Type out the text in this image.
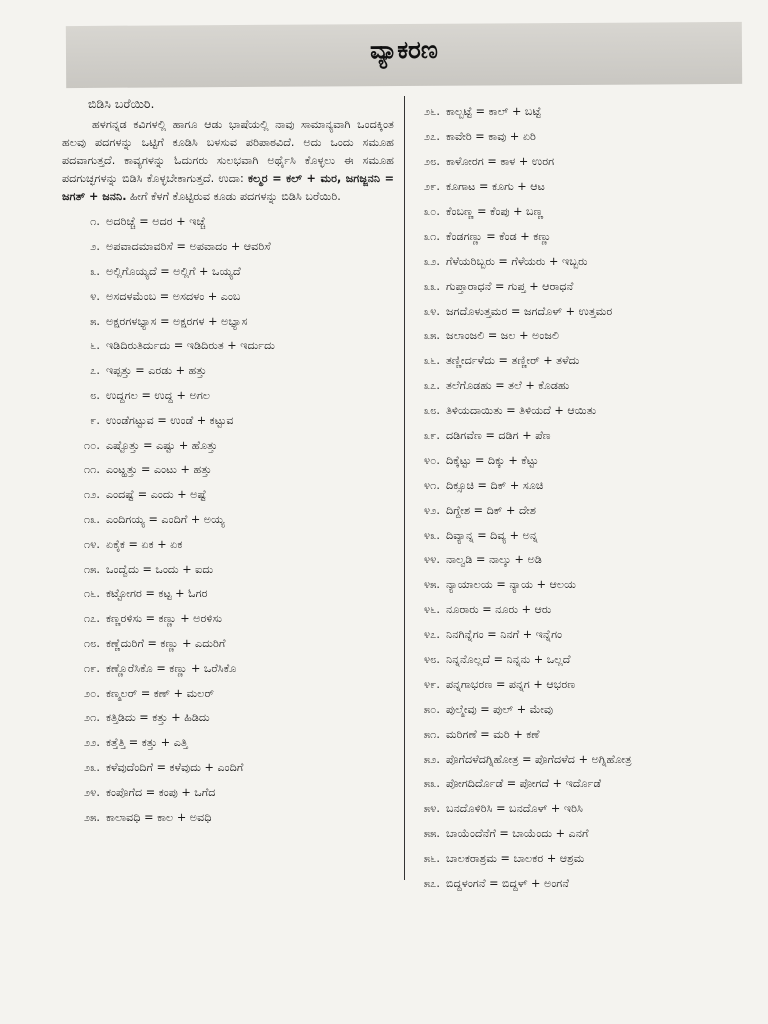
ವ್ಯಾಕರಣ
ಬಿಡಿಸಿ ಬರೆಯಿರಿ.

ಹಳಗನ್ನಡ ಕವಿಗಳಲ್ಲಿ ಹಾಗೂ ಆಡು ಭಾಷೆಯಲ್ಲಿ ನಾವು ಸಾಮಾನ್ಯವಾಗಿ ಒಂದಕ್ಕಿಂತ ಹಲವು ಪದಗಳನ್ನು ಒಟ್ಟಿಗೆ ಕೂಡಿಸಿ ಬಳಸುವ ಪರಿಪಾಠವಿದೆ. ಅದು ಒಂದು ಸಮೂಹ ಪದವಾಗುತ್ತದೆ. ಕಾವ್ಯಗಳನ್ನು ಓದುಗರು ಸುಲಭವಾಗಿ ಅರ್ಥೈಸಿ ಕೊಳ್ಳಲು ಈ ಸಮೂಹ ಪದಗುಚ್ಛಗಳನ್ನು ಬಿಡಿಸಿ ಕೊಳ್ಳಬೇಕಾಗುತ್ತದೆ. ಉದಾ: ಕಲ್ಮರ = ಕಲ್ + ಮರ, ಜಗಜ್ಜನನಿ = ಜಗತ್ + ಜನನಿ. ಹೀಗೆ ಕೆಳಗೆ ಕೊಟ್ಟಿರುವ ಕೂಡು ಪದಗಳನ್ನು ಬಿಡಿಸಿ ಬರೆಯಿರಿ.

೧. ಅದರಿಚ್ಚೆ = ಅದರ + ಇಚ್ಚೆ
೨. ಅಪವಾದಮಾವರಿಸೆ = ಅಪವಾದಂ + ಆವರಿಸೆ
೩. ಅಲ್ಲಿಗೊಯ್ಯದೆ = ಅಲ್ಲಿಗೆ + ಒಯ್ಯದೆ
೪. ಅಸದಳಮೆಂಬ = ಅಸದಳಂ + ಎಂಬ
೫. ಅಕ್ಷರಗಳಭ್ಯಾಸ = ಅಕ್ಷರಗಳ + ಅಭ್ಯಾಸ
೬. ಇಡಿದಿರುತಿರ್ದುದು = ಇಡಿದಿರುತ + ಇರ್ದುದು
೭. ಇಪ್ಪತ್ತು = ಎರಡು + ಹತ್ತು
೮. ಉದ್ದಗಲ = ಉದ್ದ + ಅಗಲ
೯. ಉಂಡೆಗಟ್ಟುವ = ಉಂಡೆ + ಕಟ್ಟುವ
೧೦. ಎಷ್ಟೊತ್ತು = ಎಷ್ಟು + ಹೊತ್ತು
೧೧. ಎಂಟ್ಹತ್ತು = ಎಂಟು + ಹತ್ತು
೧೨. ಎಂದಷ್ಟೆ = ಎಂದು + ಅಷ್ಟೆ
೧೩. ಎಂದಿಗಯ್ಯ = ಎಂದಿಗೆ + ಅಯ್ಯ
೧೪. ಏಕೈಕ = ಏಕ + ಏಕ
೧೫. ಒಂದ್ವೆದು = ಒಂದು + ಐದು
೧೬. ಕಟ್ಟೋಗರ = ಕಟ್ಟ + ಓಗರ
೧೭. ಕಣ್ಣರಳಿಸು = ಕಣ್ಣು + ಅರಳಿಸು
೧೮. ಕಣ್ಣೆದುರಿಗೆ = ಕಣ್ಣು + ಎದುರಿಗೆ
೧೯. ಕಣ್ಣೊರೆಸಿಕೊ = ಕಣ್ಣು + ಒರೆಸಿಕೊ
೨೦. ಕಣ್ಮಲರ್ = ಕಣ್ + ಮಲರ್
೨೧. ಕತ್ತಿಡಿದು = ಕತ್ತು + ಹಿಡಿದು
೨೨. ಕತ್ತೆತ್ತಿ = ಕತ್ತು + ಎತ್ತಿ
೨೩. ಕಳೆವುದೆಂದಿಗೆ = ಕಳೆವುದು + ಎಂದಿಗೆ
೨೪. ಕಂಪೊಗೆದ = ಕಂಪು + ಒಗೆದ
೨೫. ಕಾಲಾವಧಿ = ಕಾಲ + ಅವಧಿ
೨೬. ಕಾಲ್ಬಟ್ಟೆ = ಕಾಲ್ + ಬಟ್ಟೆ
೨೭. ಕಾವೇರಿ = ಕಾವು + ಏರಿ
೨೮. ಕಾಳೋರಗ = ಕಾಳ + ಉರಗ
೨೯. ಕೂಗಾಟ = ಕೂಗು + ಆಟ
೩೦. ಕೆಂಬಣ್ಣ = ಕೆಂಪು + ಬಣ್ಣ
೩೧. ಕೆಂಡಗಣ್ಣು = ಕೆಂಡ + ಕಣ್ಣು
೩೨. ಗೆಳೆಯರಿಬ್ಬರು = ಗೆಳೆಯರು + ಇಬ್ಬರು
೩೩. ಗುಪ್ತಾರಾಧನೆ = ಗುಪ್ತ + ಆರಾಧನೆ
೩೪. ಜಗದೊಳುತ್ತಮರ = ಜಗದೊಳ್ + ಉತ್ತಮರ
೩೫. ಜಲಾಂಜಲಿ = ಜಲ + ಅಂಜಲಿ
೩೬. ತಣ್ಣೀರ್ದಳೆದು = ತಣ್ಣೀರ್ + ತಳೆದು
೩೭. ತಲೆಗೊಡಹು = ತಲೆ + ಕೊಡಹು
೩೮. ತಿಳಿಯದಾಯಿತು = ತಿಳಿಯದೆ + ಆಯಿತು
೩೯. ದಡಿಗವೆಣ = ದಡಿಗ + ಪೆಣ
೪೦. ದಿಕ್ಕೆಟ್ಟು = ದಿಕ್ಕು + ಕೆಟ್ಟು
೪೧. ದಿಕ್ಸೂಚಿ = ದಿಕ್ + ಸೂಚಿ
೪೨. ದಿಗ್ದೇಶ = ದಿಕ್ + ದೇಶ
೪೩. ದಿವ್ಯಾನ್ನ = ದಿವ್ಯ + ಅನ್ನ
೪೪. ನಾಲ್ವಡಿ = ನಾಲ್ಕು + ಅಡಿ
೪೫. ನ್ಯಾಯಾಲಯ = ನ್ಯಾಯ + ಆಲಯ
೪೬. ನೂರಾರು = ನೂರು + ಆರು
೪೭. ನಿನಗಿನ್ನೆಗಂ = ನಿನಗೆ + ಇನ್ನೆಗಂ
೪೮. ನಿನ್ನನೊಲ್ಲದೆ = ನಿನ್ನನು + ಒಲ್ಲದೆ
೪೯. ಪನ್ನಗಾಭರಣ = ಪನ್ನಗ + ಆಭರಣ
೫೦. ಪುಲ್ಮೇವು = ಪುಲ್ + ಮೇವು
೫೧. ಮರಿಗಣೆ = ಮರಿ + ಕಣೆ
೫೨. ಪೊಗೆದಳೆದಗ್ನಿಹೋತ್ರ = ಪೊಗೆದಳೆದ + ಅಗ್ನಿಹೋತ್ರ
೫೩. ಪೋಗದಿರ್ದೊಡೆ = ಪೋಗದೆ + ಇರ್ದೊಡೆ
೫೪. ಬನದೊಳಿರಿಸಿ = ಬನದೊಳ್ + ಇರಿಸಿ
೫೫. ಬಾಯೆಂದೆನೆಗೆ = ಬಾಯೆಂದು + ಎನಗೆ
೫೬. ಬಾಲಕರಾಶ್ರಮ = ಬಾಲಕರ + ಆಶ್ರಮ
೫೭. ಬಿದ್ದಳಂಗನೆ = ಬಿದ್ದಳ್ + ಅಂಗನೆ
